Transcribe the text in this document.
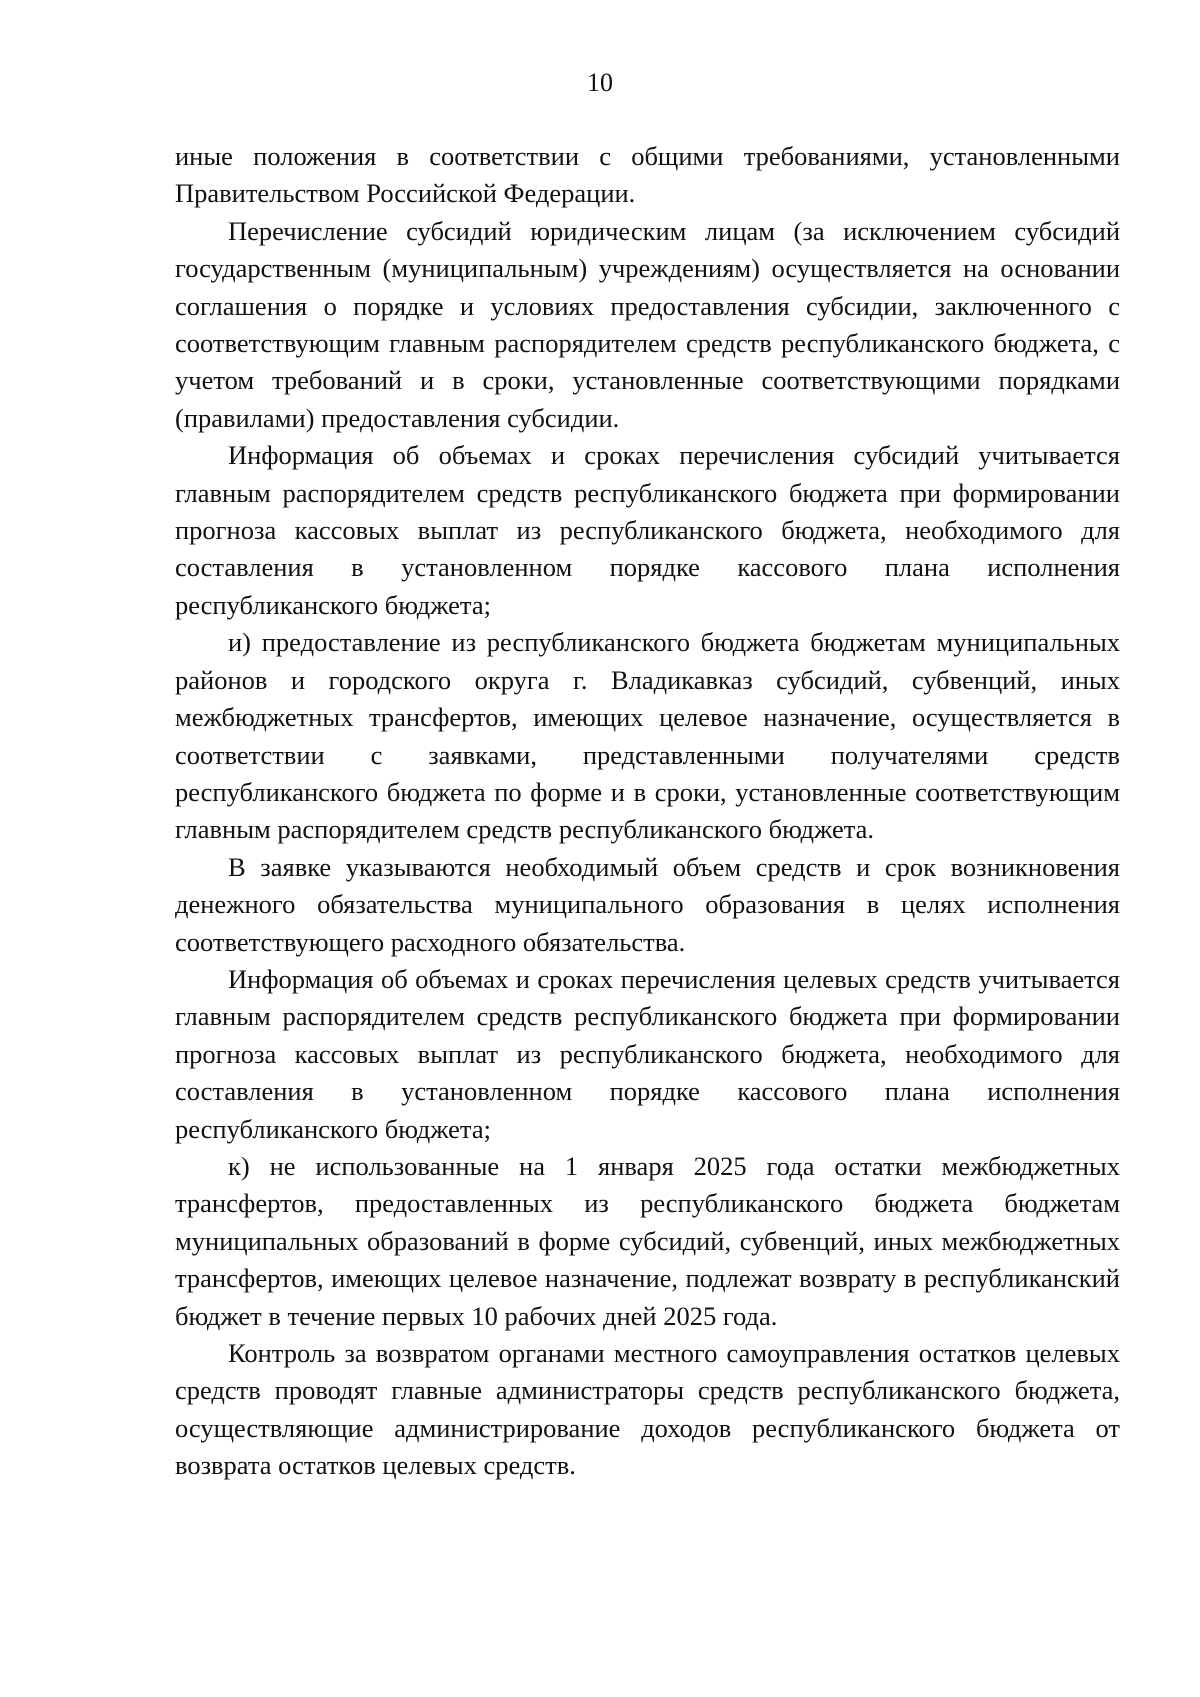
10

иные положения в соответствии с общими требованиями, установленными Правительством Российской Федерации.

Перечисление субсидий юридическим лицам (за исключением субсидий государственным (муниципальным) учреждениям) осуществляется на основании соглашения о порядке и условиях предоставления субсидии, заключенного с соответствующим главным распорядителем средств республиканского бюджета, с учетом требований и в сроки, установленные соответствующими порядками (правилами) предоставления субсидии.

Информация об объемах и сроках перечисления субсидий учитывается главным распорядителем средств республиканского бюджета при формировании прогноза кассовых выплат из республиканского бюджета, необходимого для составления в установленном порядке кассового плана исполнения республиканского бюджета;

и) предоставление из республиканского бюджета бюджетам муниципальных районов и городского округа г. Владикавказ субсидий, субвенций, иных межбюджетных трансфертов, имеющих целевое назначение, осуществляется в соответствии с заявками, представленными получателями средств республиканского бюджета по форме и в сроки, установленные соответствующим главным распорядителем средств республиканского бюджета.

В заявке указываются необходимый объем средств и срок возникновения денежного обязательства муниципального образования в целях исполнения соответствующего расходного обязательства.

Информация об объемах и сроках перечисления целевых средств учитывается главным распорядителем средств республиканского бюджета при формировании прогноза кассовых выплат из республиканского бюджета, необходимого для составления в установленном порядке кассового плана исполнения республиканского бюджета;

к) не использованные на 1 января 2025 года остатки межбюджетных трансфертов, предоставленных из республиканского бюджета бюджетам муниципальных образований в форме субсидий, субвенций, иных межбюджетных трансфертов, имеющих целевое назначение, подлежат возврату в республиканский бюджет в течение первых 10 рабочих дней 2025 года.

Контроль за возвратом органами местного самоуправления остатков целевых средств проводят главные администраторы средств республиканского бюджета, осуществляющие администрирование доходов республиканского бюджета от возврата остатков целевых средств.
